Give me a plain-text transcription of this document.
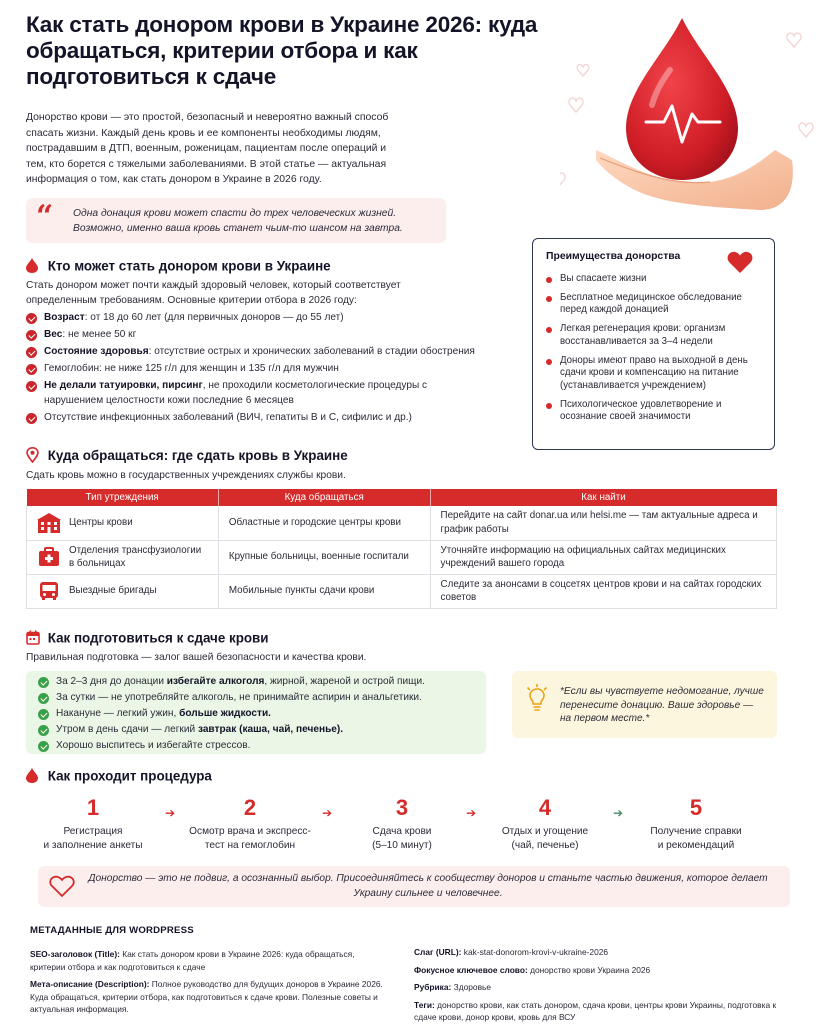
Как стать донором крови в Украине 2026: куда обращаться, критерии отбора и как подготовиться к сдаче
Донорство крови — это простой, безопасный и невероятно важный способ спасать жизни. Каждый день кровь и ее компоненты необходимы людям, пострадавшим в ДТП, военным, роженицам, пациентам после операций и тем, кто борется с тяжелыми заболеваниями. В этой статье — актуальная информация о том, как стать донором в Украине в 2026 году.
“ Одна донация крови может спасти до трех человеческих жизней. Возможно, именно ваша кровь станет чьим-то шансом на завтра.
Кто может стать донором крови в Украине
Стать донором может почти каждый здоровый человек, который соответствует определенным требованиям. Основные критерии отбора в 2026 году:
Возраст: от 18 до 60 лет (для первичных доноров — до 55 лет)
Вес: не менее 50 кг
Состояние здоровья: отсутствие острых и хронических заболеваний в стадии обострения
Гемоглобин: не ниже 125 г/л для женщин и 135 г/л для мужчин
Не делали татуировки, пирсинг, не проходили косметологические процедуры с нарушением целостности кожи последние 6 месяцев
Отсутствие инфекционных заболеваний (ВИЧ, гепатиты B и C, сифилис и др.)
Преимущества донорства
Вы спасаете жизни
Бесплатное медицинское обследование перед каждой донацией
Легкая регенерация крови: организм восстанавливается за 3–4 недели
Доноры имеют право на выходной в день сдачи крови и компенсацию на питание (устанавливается учреждением)
Психологическое удовлетворение и осознание своей значимости
Куда обращаться: где сдать кровь в Украине
Сдать кровь можно в государственных учреждениях службы крови.
Тип утреждения	Куда обращаться	Как найти

Центры крови	Областные и городские центры крови	Перейдите на сайт donar.ua или helsi.me — там актуальные адреса и график работы

Отделения трансфузиологии в больницах	Крупные больницы, военные госпитали	Уточняйте информацию на официальных сайтах медицинских учреждений вашего города

Выездные бригады	Мобильные пункты сдачи крови	Следите за анонсами в соцсетях центров крови и на сайтах городских советов
Как подготовиться к сдаче крови
Правильная подготовка — залог вашей безопасности и качества крови.
За 2–3 дня до донации избегайте алкоголя, жирной, жареной и острой пищи.
За сутки — не употребляйте алкоголь, не принимайте аспирин и анальгетики.
Накануне — легкий ужин, больше жидкости.
Утром в день сдачи — легкий завтрак (каша, чай, печенье).
Хорошо выспитесь и избегайте стрессов.
*Если вы чувствуете недомогание, лучше перенесите донацию. Ваше здоровье — на первом месте.*
Как проходит процедура
1
Регистрация
и заполнение анкеты
➔	2
Осмотр врача и экспресс-
тест на гемоглобин
➔	3
Сдача крови
(5–10 минут)
➔	4
Отдых и угощение
(чай, печенье)
➔	5
Получение справки
и рекомендаций
Донорство — это не подвиг, а осознанный выбор. Присоединяйтесь к сообществу доноров и станьте частью движения, которое делает Украину сильнее и человечнее.
МЕТАДАННЫЕ ДЛЯ WORDPRESS

SEO-заголовок (Title): Как стать донором крови в Украине 2026: куда обращаться, критерии отбора и как подготовиться к сдаче

Мета-описание (Description): Полное руководство для будущих доноров в Украине 2026. Куда обращаться, критерии отбора, как подготовиться к сдаче крови. Полезные советы и актуальная информация.

Слаг (URL): kak-stat-donorom-krovi-v-ukraine-2026

Фокусное ключевое слово: донорство крови Украина 2026

Рубрика: Здоровье

Теги: донорство крови, как стать донором, сдача крови, центры крови Украины, подготовка к сдаче крови, донор крови, кровь для ВСУ
